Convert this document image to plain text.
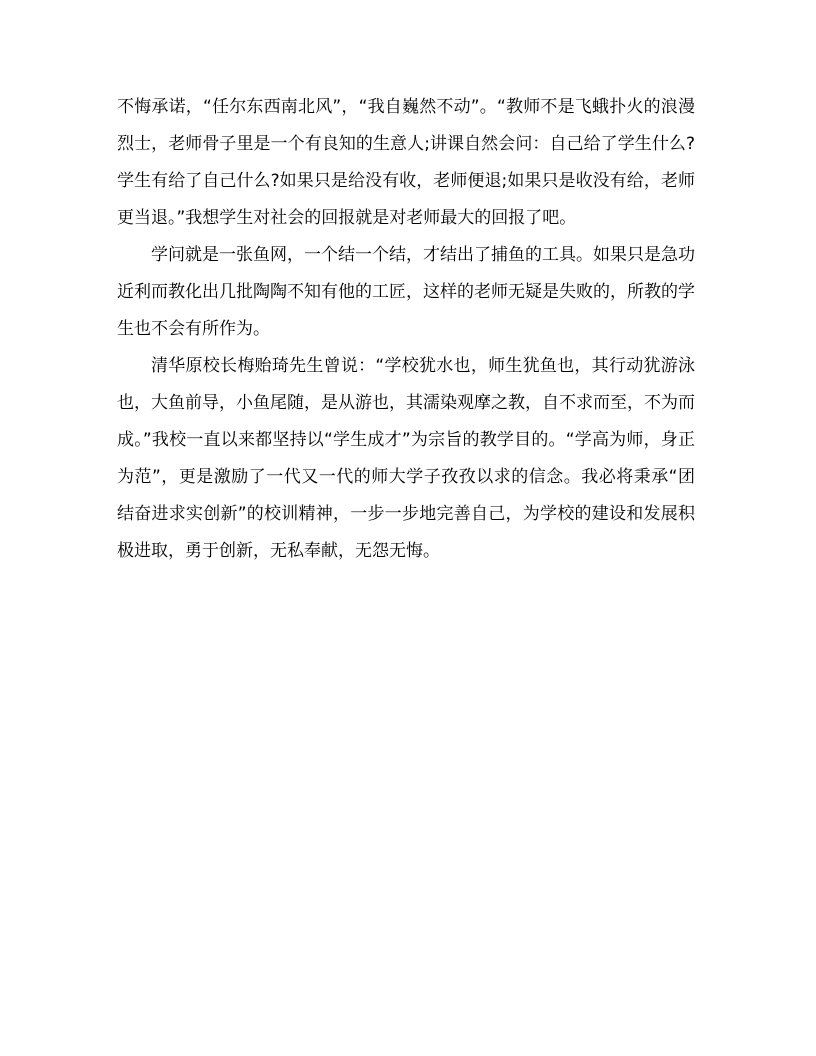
不悔承诺，“任尔东西南北风”，“我自巍然不动”。“教师不是飞蛾扑火的浪漫烈士，老师骨子里是一个有良知的生意人;讲课自然会问：自己给了学生什么?学生有给了自己什么?如果只是给没有收，老师便退;如果只是收没有给，老师更当退。”我想学生对社会的回报就是对老师最大的回报了吧。

学问就是一张鱼网，一个结一个结，才结出了捕鱼的工具。如果只是急功近利而教化出几批陶陶不知有他的工匠，这样的老师无疑是失败的，所教的学生也不会有所作为。

清华原校长梅贻琦先生曾说：“学校犹水也，师生犹鱼也，其行动犹游泳也，大鱼前导，小鱼尾随，是从游也，其濡染观摩之教，自不求而至，不为而成。”我校一直以来都坚持以“学生成才”为宗旨的教学目的。“学高为师，身正为范”，更是激励了一代又一代的师大学子孜孜以求的信念。我必将秉承“团结奋进求实创新”的校训精神，一步一步地完善自己，为学校的建设和发展积极进取，勇于创新，无私奉献，无怨无悔。
